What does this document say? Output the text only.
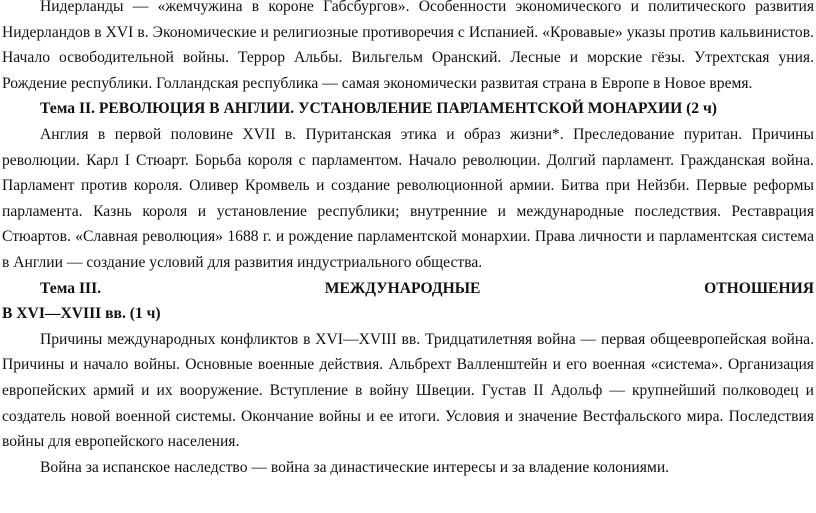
Нидерланды — «жемчужина в короне Габсбургов». Особенности экономического и политического развития Нидерландов в XVI в. Экономические и религиозные противоречия с Испанией. «Кровавые» указы против кальвинистов. Начало освободительной войны. Террор Альбы. Вильгельм Оранский. Лесные и морские гёзы. Утрехтская уния. Рождение республики. Голландская республика — самая экономически развитая страна в Европе в Новое время.

Тема II. РЕВОЛЮЦИЯ В АНГЛИИ. УСТАНОВЛЕНИЕ ПАРЛАМЕНТСКОЙ МОНАРХИИ (2 ч)

Англия в первой половине XVII в. Пуританская этика и образ жизни*. Преследование пуритан. Причины революции. Карл I Стюарт. Борьба короля с парламентом. Начало революции. Долгий парламент. Гражданская война. Парламент против короля. Оливер Кромвель и создание революционной армии. Битва при Нейзби. Первые реформы парламента. Казнь короля и установление республики; внутренние и международные последствия. Реставрация Стюартов. «Славная революция» 1688 г. и рождение парламентской монархии. Права личности и парламентская система в Англии — создание условий для развития индустриального общества.

Тема III.	МЕЖДУНАРОДНЫЕ	ОТНОШЕНИЯ

В XVI—XVIII вв. (1 ч)

Причины международных конфликтов в XVI—XVIII вв. Тридцатилетняя война — первая общеевропейская война. Причины и начало войны. Основные военные действия. Альбрехт Валленштейн и его военная «система». Организация европейских армий и их вооружение. Вступление в войну Швеции. Густав II Адольф — крупнейший полководец и создатель новой военной системы. Окончание войны и ее итоги. Условия и значение Вестфальского мира. Последствия войны для европейского населения.

Война за испанское наследство — война за династические интересы и за владение колониями.
